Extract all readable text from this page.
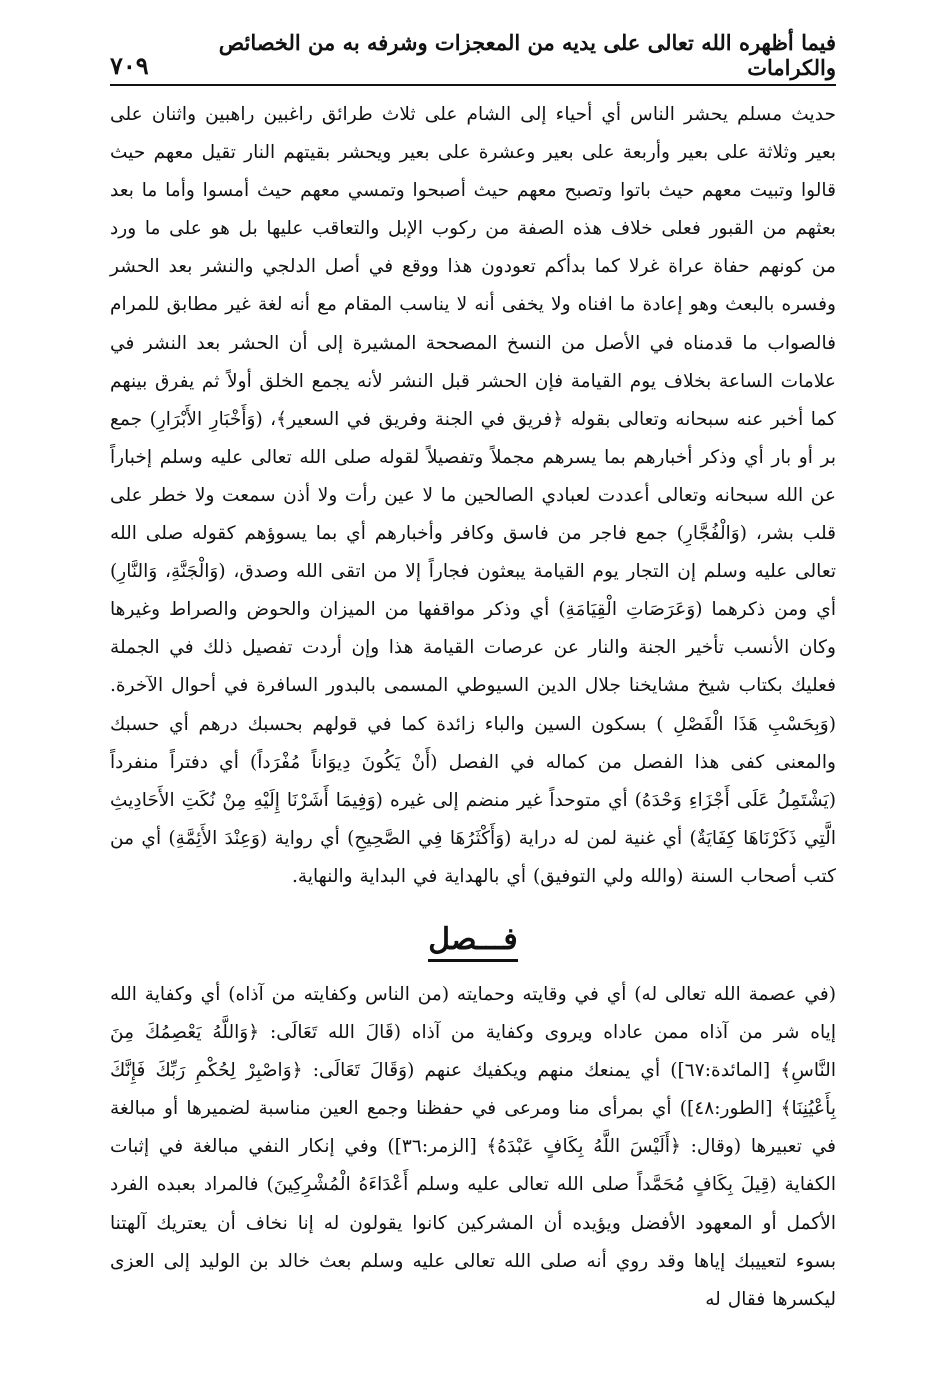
فيما أظهره الله تعالى على يديه من المعجزات وشرفه به من الخصائص والكرامات
٧٠٩

حديث مسلم يحشر الناس أي أحياء إلى الشام على ثلاث طرائق راغبين راهبين واثنان على بعير وثلاثة على بعير وأربعة على بعير وعشرة على بعير ويحشر بقيتهم النار تقيل معهم حيث قالوا وتبيت معهم حيث باتوا وتصبح معهم حيث أصبحوا وتمسي معهم حيث أمسوا وأما ما بعد بعثهم من القبور فعلى خلاف هذه الصفة من ركوب الإبل والتعاقب عليها بل هو على ما ورد من كونهم حفاة عراة غرلا كما بدأكم تعودون هذا ووقع في أصل الدلجي والنشر بعد الحشر وفسره بالبعث وهو إعادة ما افناه ولا يخفى أنه لا يناسب المقام مع أنه لغة غير مطابق للمرام فالصواب ما قدمناه في الأصل من النسخ المصححة المشيرة إلى أن الحشر بعد النشر في علامات الساعة بخلاف يوم القيامة فإن الحشر قبل النشر لأنه يجمع الخلق أولاً ثم يفرق بينهم كما أخبر عنه سبحانه وتعالى بقوله ﴿فريق في الجنة وفريق في السعير﴾، (وَأَخْبَارِ الأَبْرَارِ) جمع بر أو بار أي وذكر أخبارهم بما يسرهم مجملاً وتفصيلاً لقوله صلى الله تعالى عليه وسلم إخباراً عن الله سبحانه وتعالى أعددت لعبادي الصالحين ما لا عين رأت ولا أذن سمعت ولا خطر على قلب بشر، (وَالْفُجَّارِ) جمع فاجر من فاسق وكافر وأخبارهم أي بما يسوؤهم كقوله صلى الله تعالى عليه وسلم إن التجار يوم القيامة يبعثون فجاراً إلا من اتقى الله وصدق، (وَالْجَنَّةِ، وَالنَّارِ) أي ومن ذكرهما (وَعَرَصَاتِ الْقِيَامَةِ) أي وذكر مواقفها من الميزان والحوض والصراط وغيرها وكان الأنسب تأخير الجنة والنار عن عرصات القيامة هذا وإن أردت تفصيل ذلك في الجملة فعليك بكتاب شيخ مشايخنا جلال الدين السيوطي المسمى بالبدور السافرة في أحوال الآخرة. (وَبِحَسْبِ هَذَا الْفَصْلِ ) بسكون السين والباء زائدة كما في قولهم بحسبك درهم أي حسبك والمعنى كفى هذا الفصل من كماله في الفصل (أَنْ يَكُونَ دِيوَاناً مُفْرَداً) أي دفتراً منفرداً (يَشْتَمِلُ عَلَى أَجْزَاءِ وَحْدَهُ) أي متوحداً غير منضم إلى غيره (وَفِيمَا أَشَرْنَا إِلَيْهِ مِنْ نُكَتِ الأَحَادِيثِ الَّتِي ذَكَرْنَاهَا كِفَايَةٌ) أي غنية لمن له دراية (وَأَكْثَرُهَا فِي الصَّحِيحِ) أي رواية (وَعِنْدَ الأَئِمَّةِ) أي من كتب أصحاب السنة (والله ولي التوفيق) أي بالهداية في البداية والنهاية.

فـــصل

(في عصمة الله تعالى له) أي في وقايته وحمايته (من الناس وكفايته من آذاه) أي وكفاية الله إياه شر من آذاه ممن عاداه ويروى وكفاية من آذاه (قَالَ الله تَعَالَى: ﴿وَاللَّهُ يَعْصِمُكَ مِنَ النَّاسِ﴾ [المائدة:٦٧]) أي يمنعك منهم ويكفيك عنهم (وَقَالَ تَعَالَى: ﴿وَاصْبِرْ لِحُكْمِ رَبِّكَ فَإِنَّكَ بِأَعْيُنِنَا﴾ [الطور:٤٨]) أي بمرأى منا ومرعى في حفظنا وجمع العين مناسبة لضميرها أو مبالغة في تعبيرها (وقال: ﴿أَلَيْسَ اللَّهُ بِكَافٍ عَبْدَهُ﴾ [الزمر:٣٦]) وفي إنكار النفي مبالغة في إثبات الكفاية (قِيلَ بِكَافٍ مُحَمَّداً صلى الله تعالى عليه وسلم أَعْدَاءَهُ الْمُشْرِكِينَ) فالمراد بعبده الفرد الأكمل أو المعهود الأفضل ويؤيده أن المشركين كانوا يقولون له إنا نخاف أن يعتريك آلهتنا بسوء لتعييبك إياها وقد روي أنه صلى الله تعالى عليه وسلم بعث خالد بن الوليد إلى العزى ليكسرها فقال له
